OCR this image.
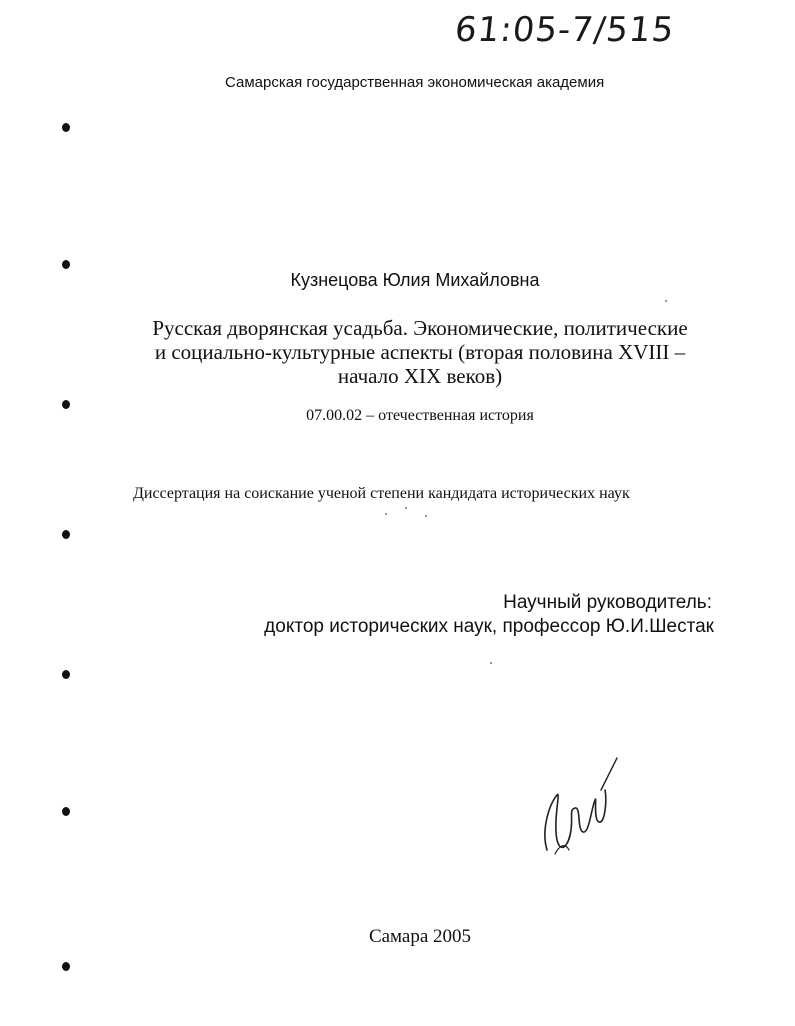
61:05-7/515
Самарская государственная экономическая академия
Кузнецова Юлия Михайловна
Русская дворянская усадьба. Экономические, политические
и социально-культурные аспекты (вторая половина XVIII –
начало XIX веков)
07.00.02 – отечественная история
Диссертация на соискание ученой степени кандидата исторических наук
Научный руководитель:
доктор исторических наук, профессор Ю.И.Шестак
Самара 2005
